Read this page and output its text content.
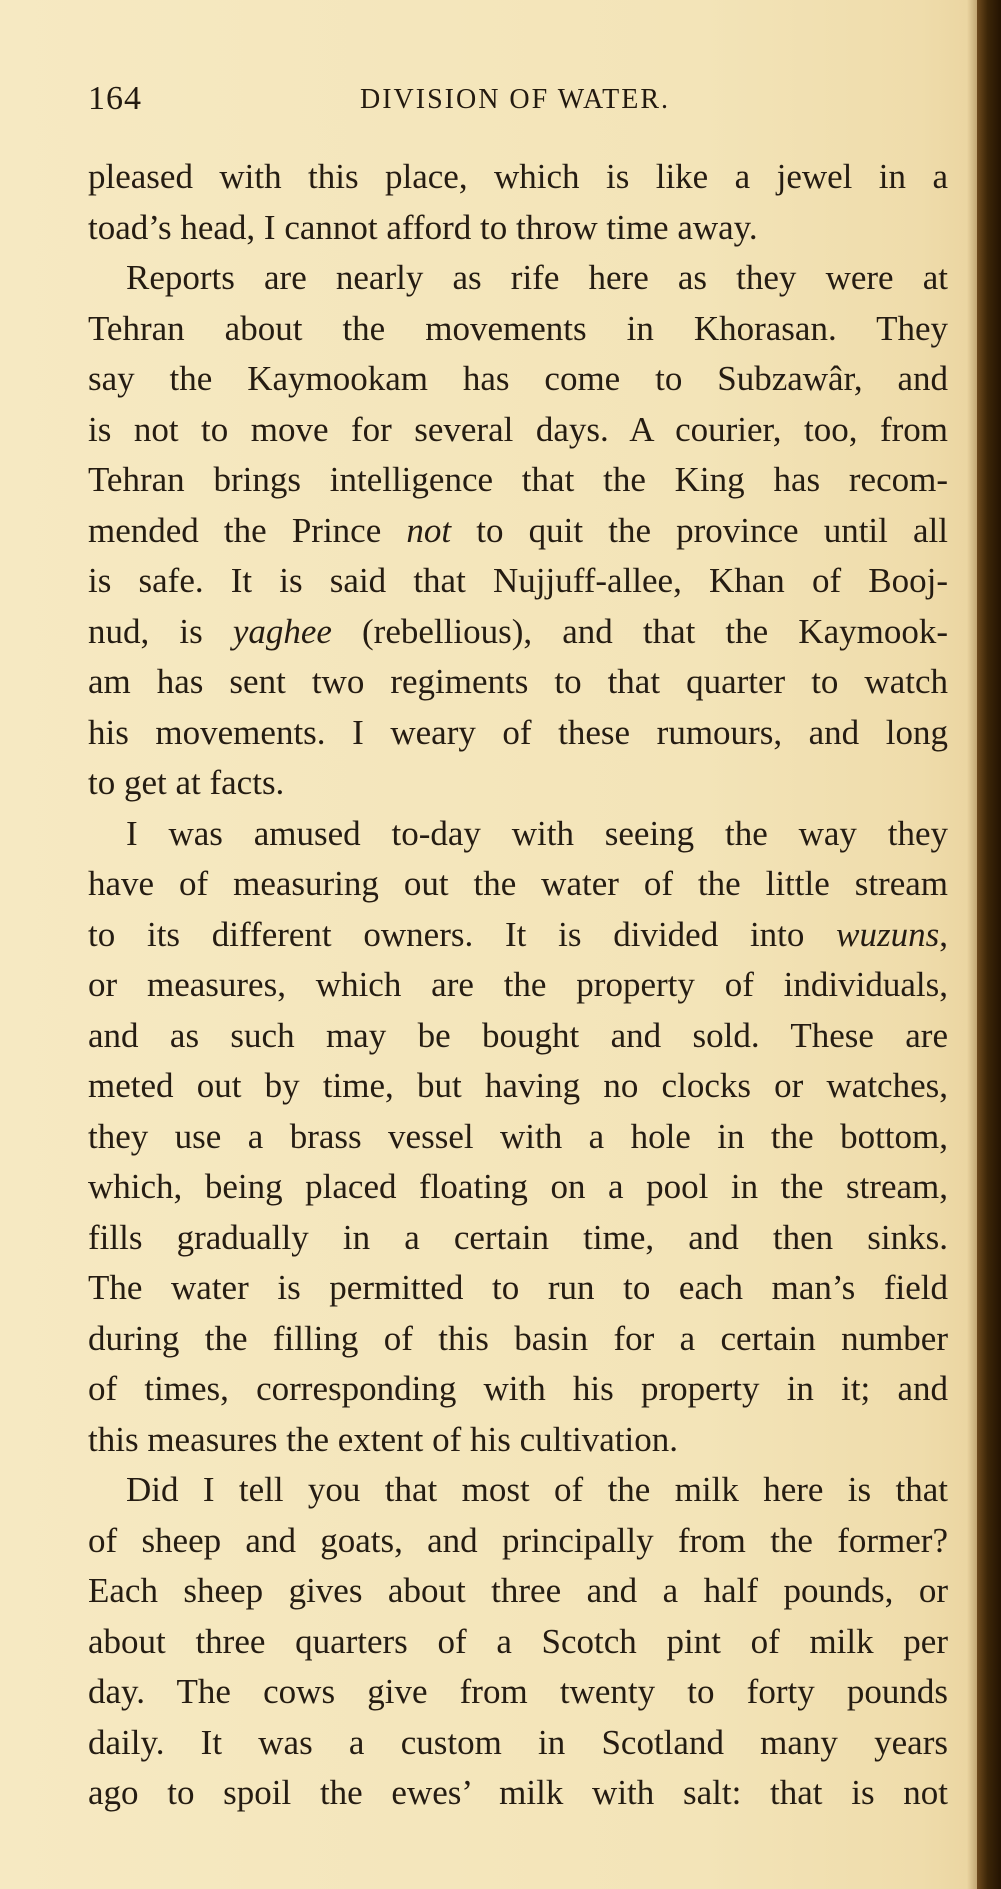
164	DIVISION OF WATER.
pleased with this place, which is like a jewel in a
toad’s head, I cannot afford to throw time away.
Reports are nearly as rife here as they were at
Tehran about the movements in Khorasan. They
say the Kaymookam has come to Subzawâr, and
is not to move for several days. A courier, too, from
Tehran brings intelligence that the King has recom-
mended the Prince not to quit the province until all
is safe. It is said that Nujjuff-allee, Khan of Booj-
nud, is yaghee (rebellious), and that the Kaymook-
am has sent two regiments to that quarter to watch
his movements. I weary of these rumours, and long
to get at facts.
I was amused to-day with seeing the way they
have of measuring out the water of the little stream
to its different owners. It is divided into wuzuns,
or measures, which are the property of individuals,
and as such may be bought and sold. These are
meted out by time, but having no clocks or watches,
they use a brass vessel with a hole in the bottom,
which, being placed floating on a pool in the stream,
fills gradually in a certain time, and then sinks.
The water is permitted to run to each man’s field
during the filling of this basin for a certain number
of times, corresponding with his property in it; and
this measures the extent of his cultivation.
Did I tell you that most of the milk here is that
of sheep and goats, and principally from the former?
Each sheep gives about three and a half pounds, or
about three quarters of a Scotch pint of milk per
day. The cows give from twenty to forty pounds
daily. It was a custom in Scotland many years
ago to spoil the ewes’ milk with salt: that is not
